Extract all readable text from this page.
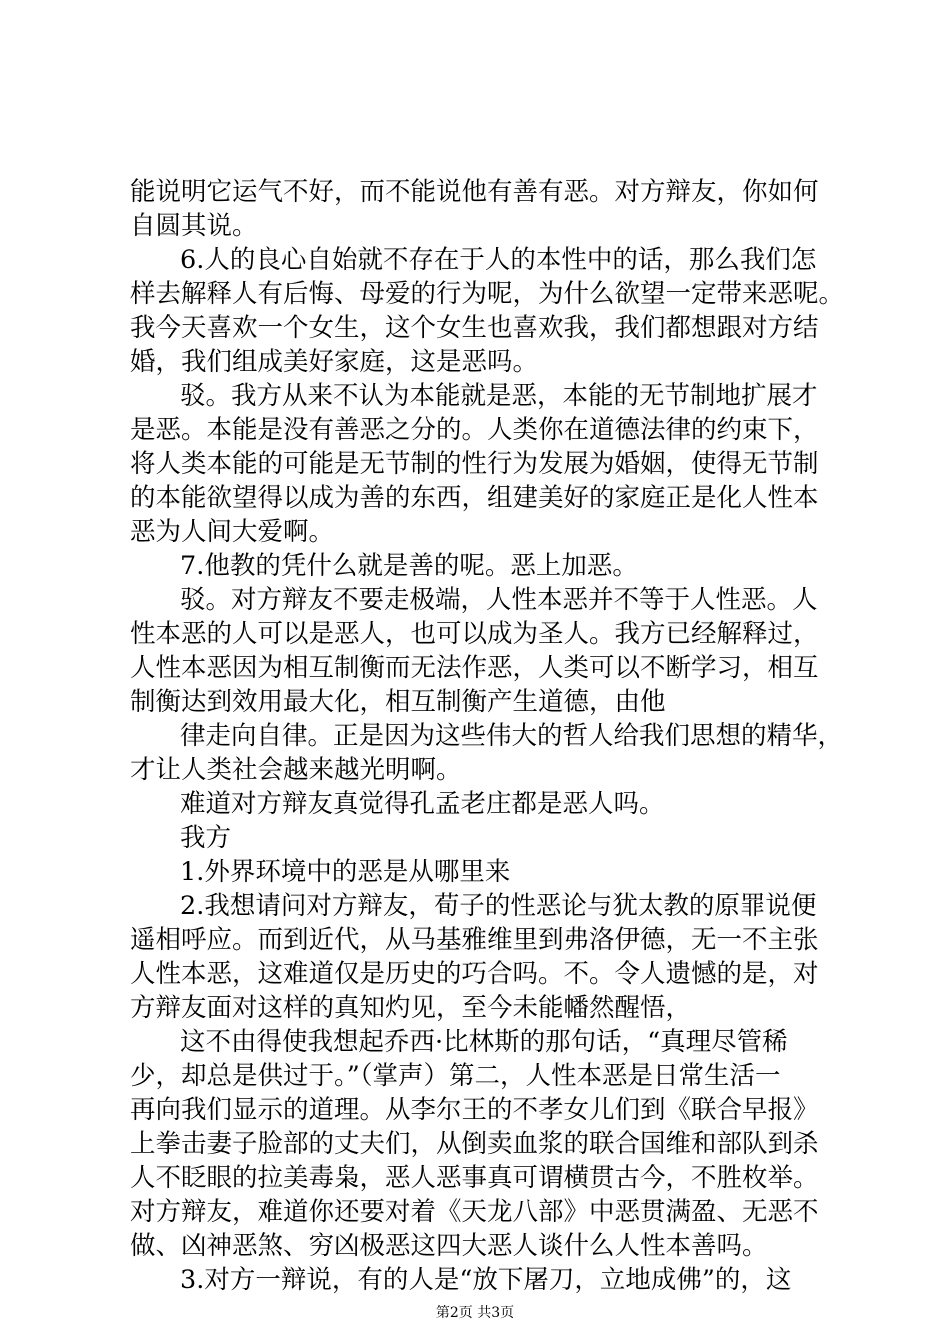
能说明它运气不好，而不能说他有善有恶。对方辩友，你如何
自圆其说。
6.人的良心自始就不存在于人的本性中的话，那么我们怎
样去解释人有后悔、母爱的行为呢，为什么欲望一定带来恶呢。
我今天喜欢一个女生，这个女生也喜欢我，我们都想跟对方结
婚，我们组成美好家庭，这是恶吗。
驳。我方从来不认为本能就是恶，本能的无节制地扩展才
是恶。本能是没有善恶之分的。人类你在道德法律的约束下，
将人类本能的可能是无节制的性行为发展为婚姻，使得无节制
的本能欲望得以成为善的东西，组建美好的家庭正是化人性本
恶为人间大爱啊。
7.他教的凭什么就是善的呢。恶上加恶。
驳。对方辩友不要走极端，人性本恶并不等于人性恶。人
性本恶的人可以是恶人，也可以成为圣人。我方已经解释过，
人性本恶因为相互制衡而无法作恶，人类可以不断学习，相互
制衡达到效用最大化，相互制衡产生道德，由他
律走向自律。正是因为这些伟大的哲人给我们思想的精华，
才让人类社会越来越光明啊。
难道对方辩友真觉得孔孟老庄都是恶人吗。
我方
1.外界环境中的恶是从哪里来
2.我想请问对方辩友，荀子的性恶论与犹太教的原罪说便
遥相呼应。而到近代，从马基雅维里到弗洛伊德，无一不主张
人性本恶，这难道仅是历史的巧合吗。不。令人遗憾的是，对
方辩友面对这样的真知灼见，至今未能幡然醒悟，
这不由得使我想起乔西·比林斯的那句话，“真理尽管稀
少，却总是供过于。”（掌声）第二，人性本恶是日常生活一
再向我们显示的道理。从李尔王的不孝女儿们到《联合早报》
上拳击妻子脸部的丈夫们，从倒卖血浆的联合国维和部队到杀
人不眨眼的拉美毒枭，恶人恶事真可谓横贯古今，不胜枚举。
对方辩友，难道你还要对着《天龙八部》中恶贯满盈、无恶不
做、凶神恶煞、穷凶极恶这四大恶人谈什么人性本善吗。
3.对方一辩说，有的人是“放下屠刀，立地成佛”的，这
第2页 共3页
